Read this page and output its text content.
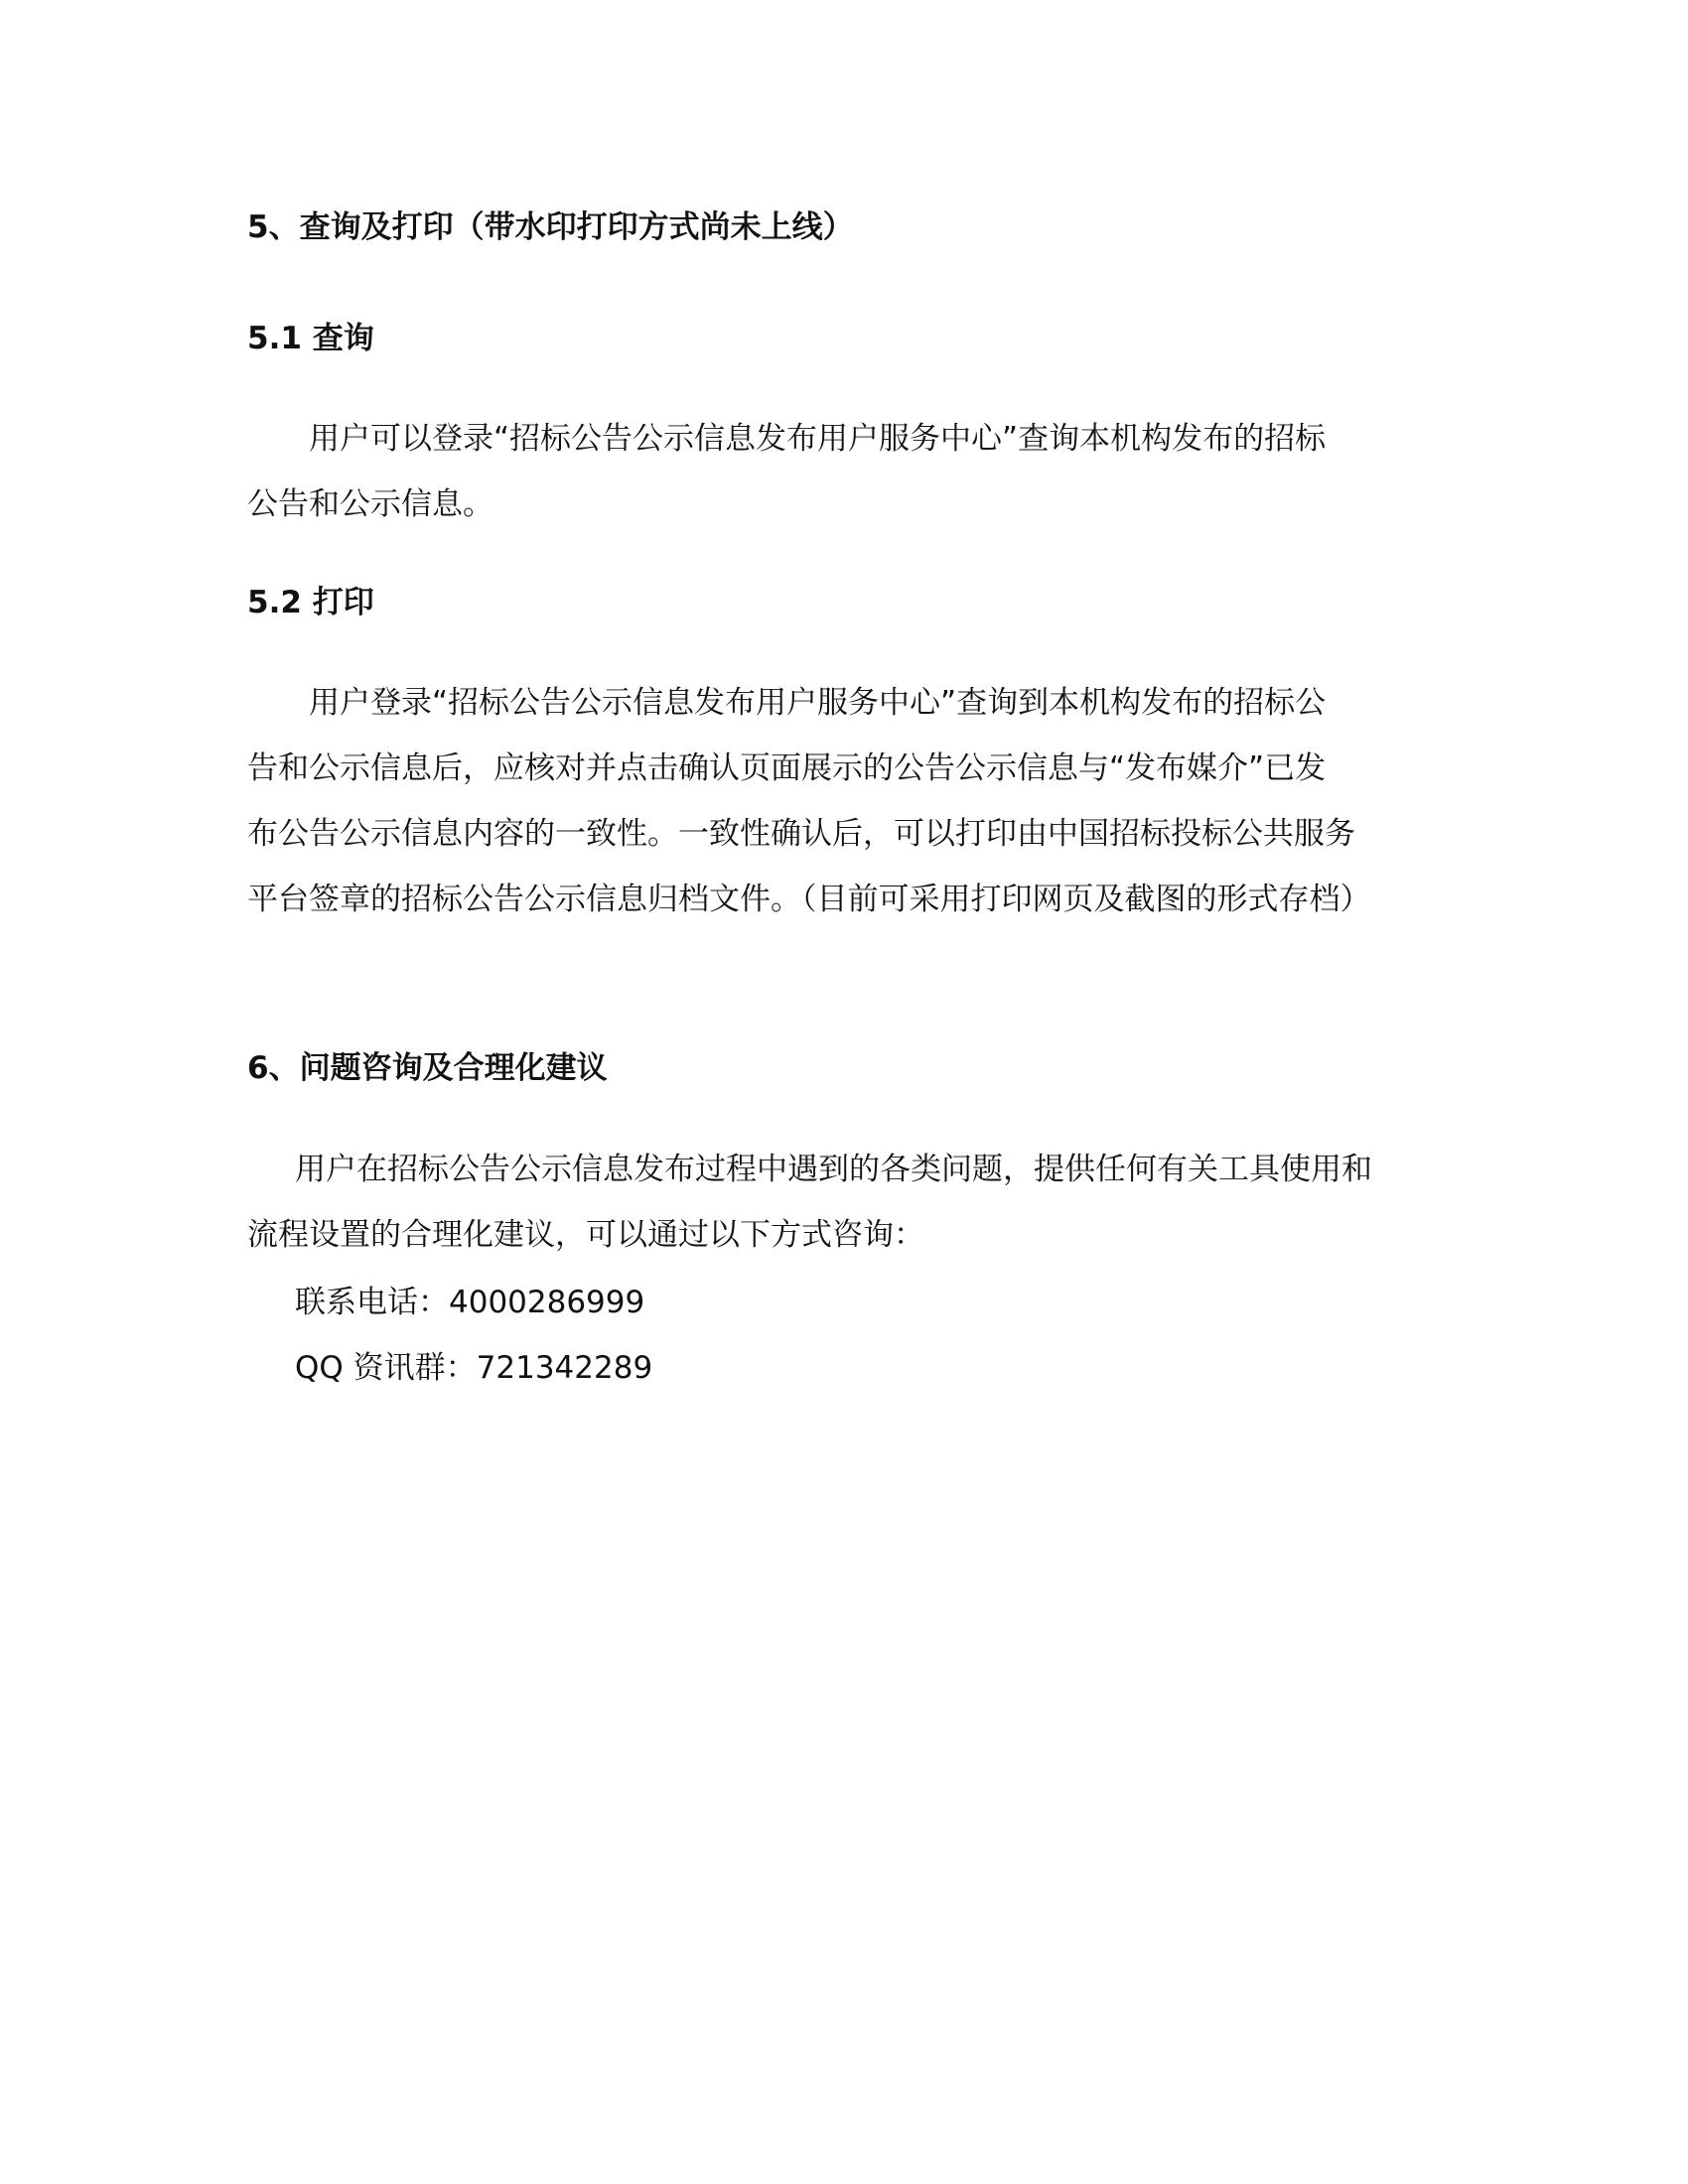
5、查询及打印（带水印打印方式尚未上线）
5.1 查询
用户可以登录“招标公告公示信息发布用户服务中心”查询本机构发布的招标
公告和公示信息。
5.2 打印
用户登录“招标公告公示信息发布用户服务中心”查询到本机构发布的招标公
告和公示信息后，应核对并点击确认页面展示的公告公示信息与“发布媒介”已发
布公告公示信息内容的一致性。一致性确认后，可以打印由中国招标投标公共服务
平台签章的招标公告公示信息归档文件。（目前可采用打印网页及截图的形式存档）
6、问题咨询及合理化建议
用户在招标公告公示信息发布过程中遇到的各类问题，提供任何有关工具使用和
流程设置的合理化建议，可以通过以下方式咨询：
联系电话：4000286999
QQ 资讯群：721342289
